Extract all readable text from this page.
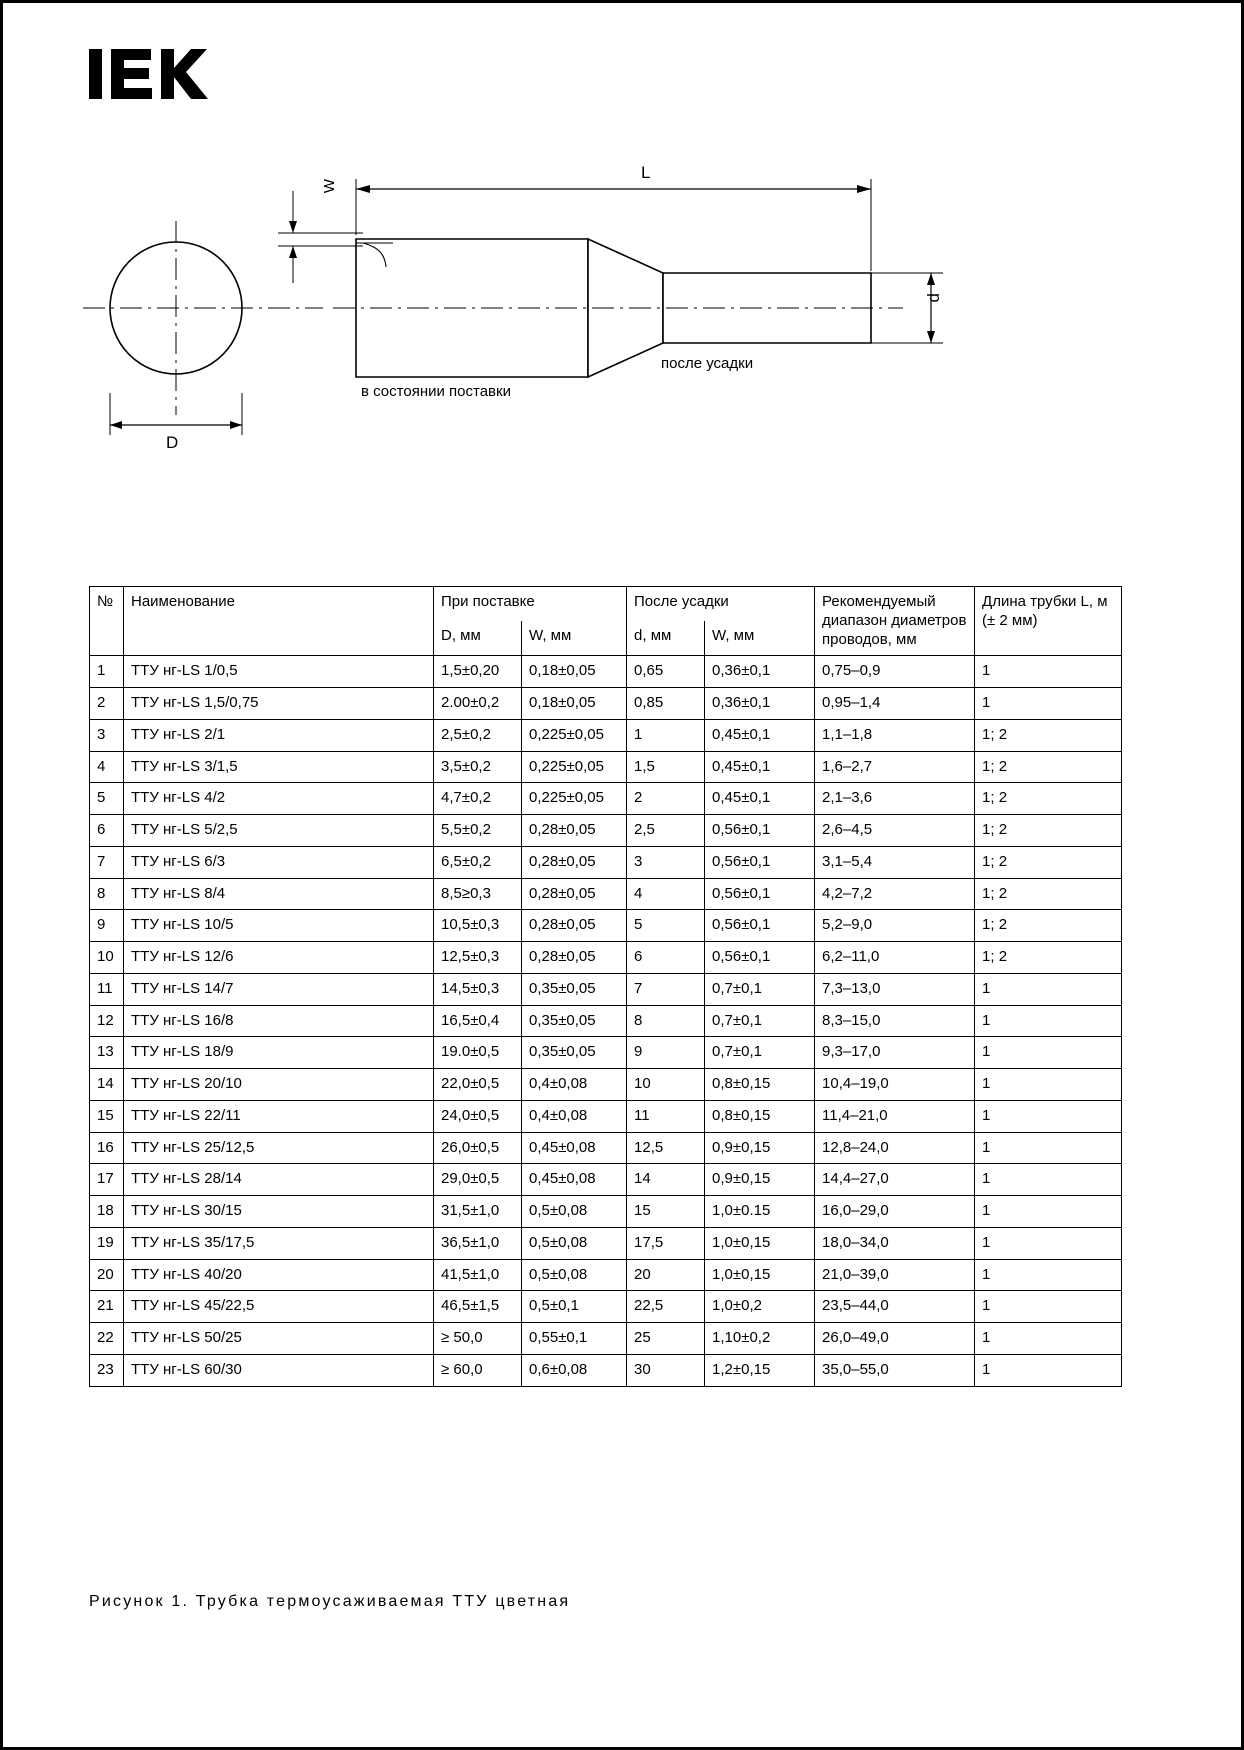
W
L
D
d
в состоянии поставки
после усадки
№	Наименование	При поставке		После усадки		Рекомендуемый диапазон диаметров проводов, мм	Длина трубки L, м (± 2 мм)
		D, мм	W, мм	d, мм	W, мм		
1	ТТУ нг-LS 1/0,5	1,5±0,20	0,18±0,05	0,65	0,36±0,1	0,75–0,9	1
2	ТТУ нг-LS 1,5/0,75	2.00±0,2	0,18±0,05	0,85	0,36±0,1	0,95–1,4	1
3	ТТУ нг-LS 2/1	2,5±0,2	0,225±0,05	1	0,45±0,1	1,1–1,8	1; 2
4	ТТУ нг-LS 3/1,5	3,5±0,2	0,225±0,05	1,5	0,45±0,1	1,6–2,7	1; 2
5	ТТУ нг-LS 4/2	4,7±0,2	0,225±0,05	2	0,45±0,1	2,1–3,6	1; 2
6	ТТУ нг-LS 5/2,5	5,5±0,2	0,28±0,05	2,5	0,56±0,1	2,6–4,5	1; 2
7	ТТУ нг-LS 6/3	6,5±0,2	0,28±0,05	3	0,56±0,1	3,1–5,4	1; 2
8	ТТУ нг-LS 8/4	8,5≥0,3	0,28±0,05	4	0,56±0,1	4,2–7,2	1; 2
9	ТТУ нг-LS 10/5	10,5±0,3	0,28±0,05	5	0,56±0,1	5,2–9,0	1; 2
10	ТТУ нг-LS 12/6	12,5±0,3	0,28±0,05	6	0,56±0,1	6,2–11,0	1; 2
11	ТТУ нг-LS 14/7	14,5±0,3	0,35±0,05	7	0,7±0,1	7,3–13,0	1
12	ТТУ нг-LS 16/8	16,5±0,4	0,35±0,05	8	0,7±0,1	8,3–15,0	1
13	ТТУ нг-LS 18/9	19.0±0,5	0,35±0,05	9	0,7±0,1	9,3–17,0	1
14	ТТУ нг-LS 20/10	22,0±0,5	0,4±0,08	10	0,8±0,15	10,4–19,0	1
15	ТТУ нг-LS 22/11	24,0±0,5	0,4±0,08	11	0,8±0,15	11,4–21,0	1
16	ТТУ нг-LS 25/12,5	26,0±0,5	0,45±0,08	12,5	0,9±0,15	12,8–24,0	1
17	ТТУ нг-LS 28/14	29,0±0,5	0,45±0,08	14	0,9±0,15	14,4–27,0	1
18	ТТУ нг-LS 30/15	31,5±1,0	0,5±0,08	15	1,0±0.15	16,0–29,0	1
19	ТТУ нг-LS 35/17,5	36,5±1,0	0,5±0,08	17,5	1,0±0,15	18,0–34,0	1
20	ТТУ нг-LS 40/20	41,5±1,0	0,5±0,08	20	1,0±0,15	21,0–39,0	1
21	ТТУ нг-LS 45/22,5	46,5±1,5	0,5±0,1	22,5	1,0±0,2	23,5–44,0	1
22	ТТУ нг-LS 50/25	≥ 50,0	0,55±0,1	25	1,10±0,2	26,0–49,0	1
23	ТТУ нг-LS 60/30	≥ 60,0	0,6±0,08	30	1,2±0,15	35,0–55,0	1
Рисунок 1. Трубка термоусаживаемая ТТУ цветная
